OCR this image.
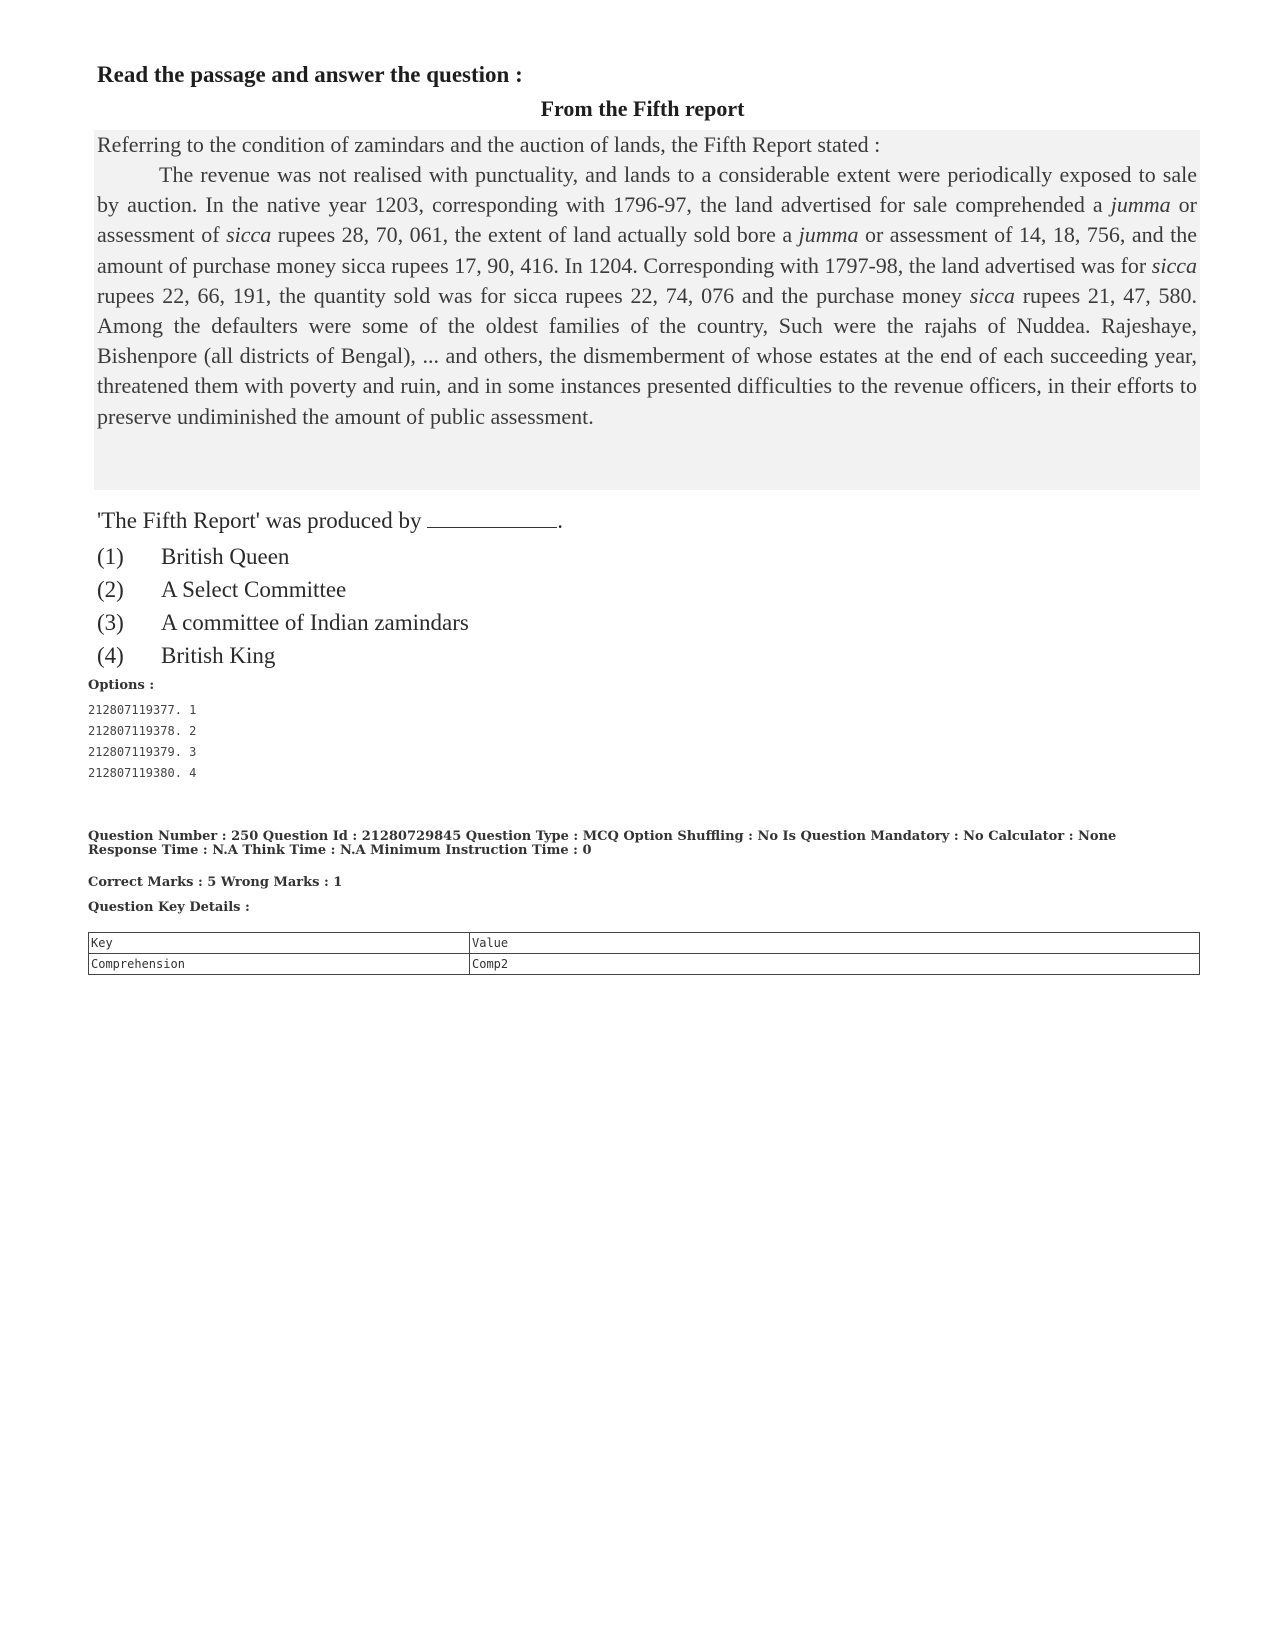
Read the passage and answer the question :
From the Fifth report
Referring to the condition of zamindars and the auction of lands, the Fifth Report stated :
The revenue was not realised with punctuality, and lands to a considerable extent were periodically exposed to sale by auction. In the native year 1203, corresponding with 1796-97, the land advertised for sale comprehended a jumma or assessment of sicca rupees 28, 70, 061, the extent of land actually sold bore a jumma or assessment of 14, 18, 756, and the amount of purchase money sicca rupees 17, 90, 416. In 1204. Corresponding with 1797-98, the land advertised was for sicca rupees 22, 66, 191, the quantity sold was for sicca rupees 22, 74, 076 and the purchase money sicca rupees 21, 47, 580. Among the defaulters were some of the oldest families of the country, Such were the rajahs of Nuddea. Rajeshaye, Bishenpore (all districts of Bengal), ... and others, the dismemberment of whose estates at the end of each succeeding year, threatened them with poverty and ruin, and in some instances presented difficulties to the revenue officers, in their efforts to preserve undiminished the amount of public assessment.
'The Fifth Report' was produced by	.
(1) British Queen
(2) A Select Committee
(3) A committee of Indian zamindars
(4) British King
Options :
212807119377. 1
212807119378. 2
212807119379. 3
212807119380. 4
Question Number : 250 Question Id : 21280729845 Question Type : MCQ Option Shuffling : No Is Question Mandatory : No Calculator : None
Response Time : N.A Think Time : N.A Minimum Instruction Time : 0
Correct Marks : 5 Wrong Marks : 1
Question Key Details :
Key	Value
Comprehension	Comp2
